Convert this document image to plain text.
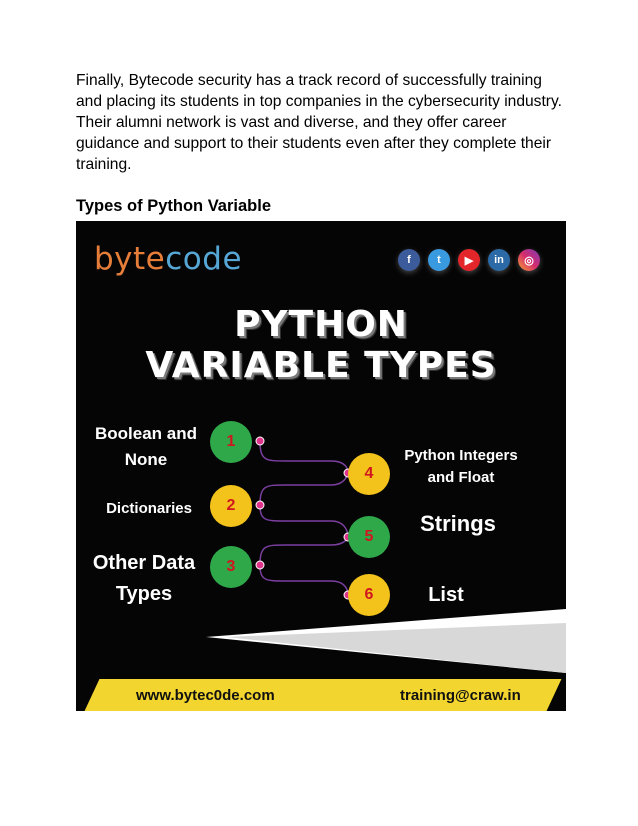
Finally, Bytecode security has a track record of successfully training and placing its students in top companies in the cybersecurity industry. Their alumni network is vast and diverse, and they offer career guidance and support to their students even after they complete their training.

Types of Python Variable
bytecode	f	t	▶	in	◎
PYTHON
VARIABLE TYPES
Boolean and
None
Dictionaries
Other Data
Types
1
2
3
4
5
6
Python Integers
and Float
Strings
List
www.bytec0de.com	training@craw.in
